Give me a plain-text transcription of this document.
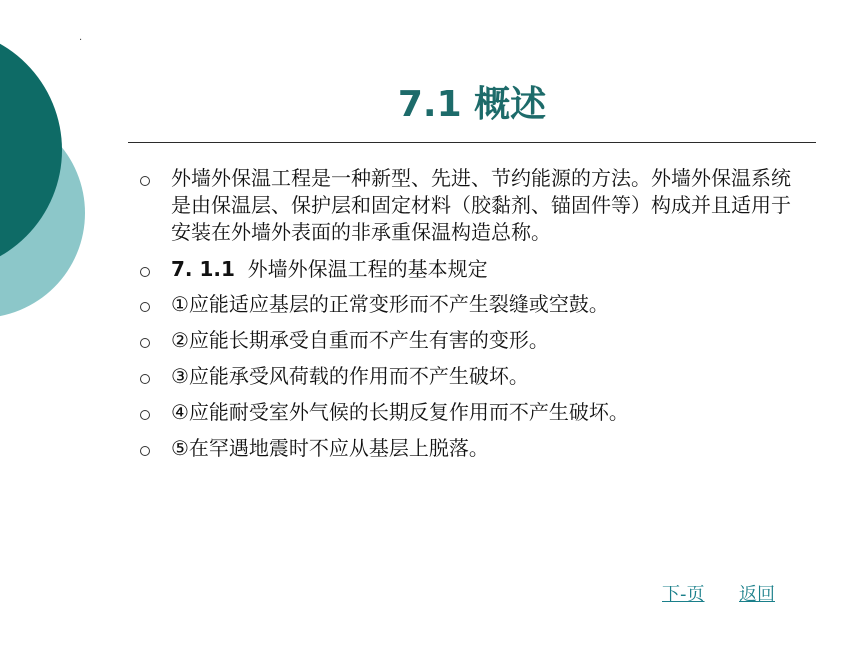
.
7.1 概述
外墙外保温工程是一种新型、先进、节约能源的方法。外墙外保温系统是由保温层、保护层和固定材料（胶黏剂、锚固件等）构成并且适用于安装在外墙外表面的非承重保温构造总称。
7. 1.1 外墙外保温工程的基本规定
①应能适应基层的正常变形而不产生裂缝或空鼓。
②应能长期承受自重而不产生有害的变形。
③应能承受风荷载的作用而不产生破坏。
④应能耐受室外气候的长期反复作用而不产生破坏。
⑤在罕遇地震时不应从基层上脱落。
下-页 返回
